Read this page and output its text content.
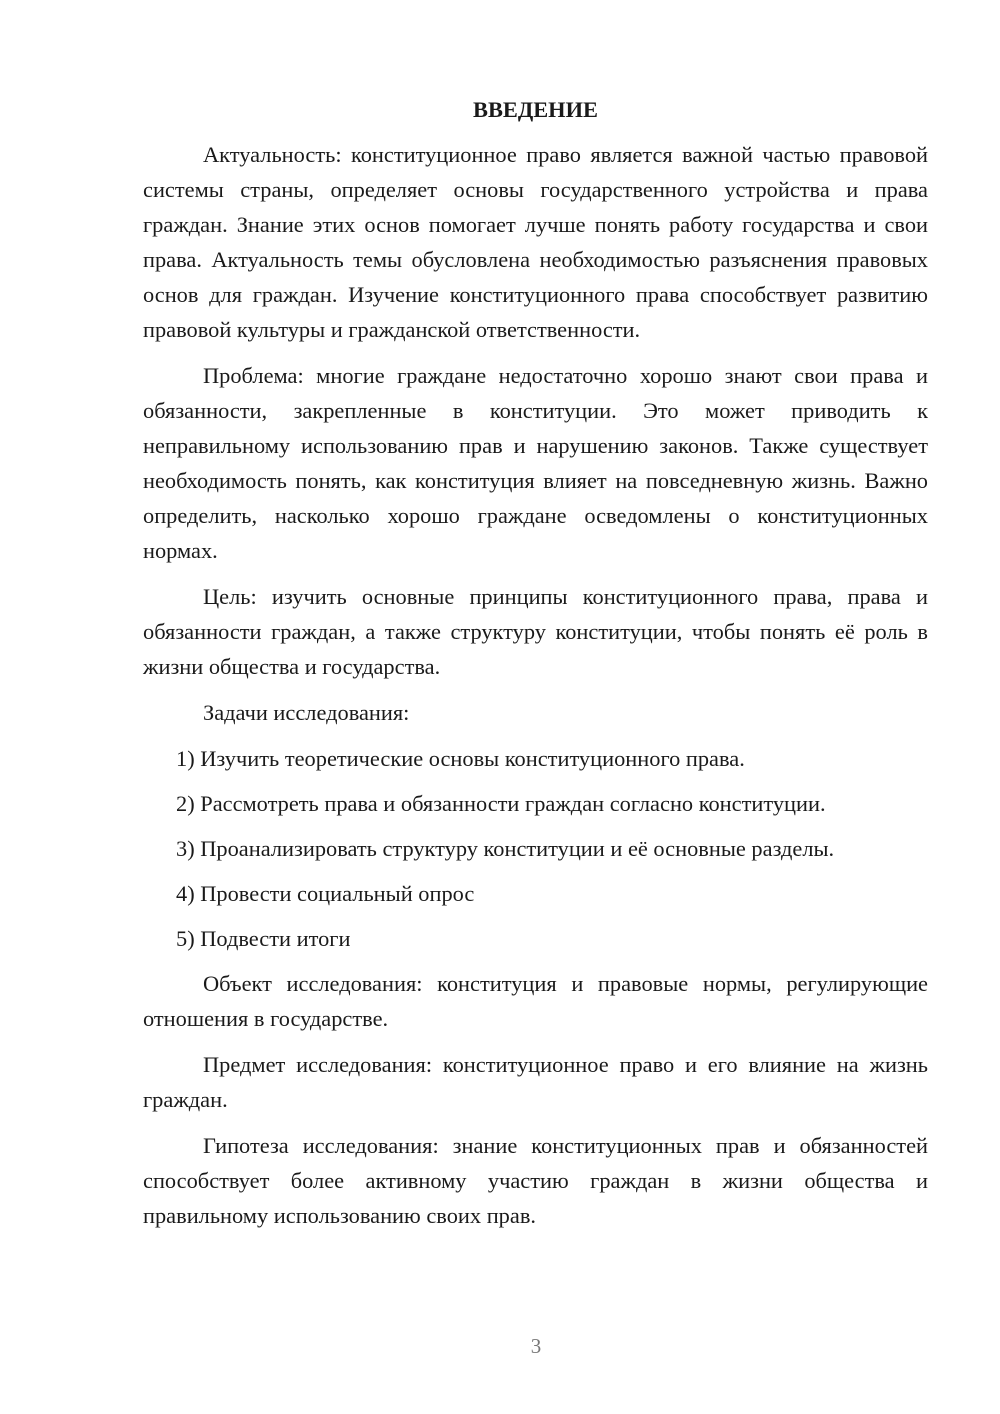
ВВЕДЕНИЕ

Актуальность: конституционное право является важной частью правовой системы страны, определяет основы государственного устройства и права граждан. Знание этих основ помогает лучше понять работу государства и свои права. Актуальность темы обусловлена необходимостью разъяснения правовых основ для граждан. Изучение конституционного права способствует развитию правовой культуры и гражданской ответственности.

Проблема: многие граждане недостаточно хорошо знают свои права и обязанности, закрепленные в конституции. Это может приводить к неправильному использованию прав и нарушению законов. Также существует необходимость понять, как конституция влияет на повседневную жизнь. Важно определить, насколько хорошо граждане осведомлены о конституционных нормах.

Цель: изучить основные принципы конституционного права, права и обязанности граждан, а также структуру конституции, чтобы понять её роль в жизни общества и государства.

Задачи исследования:

1) Изучить теоретические основы конституционного права.
2) Рассмотреть права и обязанности граждан согласно конституции.
3) Проанализировать структуру конституции и её основные разделы.
4) Провести социальный опрос
5) Подвести итоги

Объект исследования: конституция и правовые нормы, регулирующие отношения в государстве.

Предмет исследования: конституционное право и его влияние на жизнь граждан.

Гипотеза исследования: знание конституционных прав и обязанностей способствует более активному участию граждан в жизни общества и правильному использованию своих прав.

3
